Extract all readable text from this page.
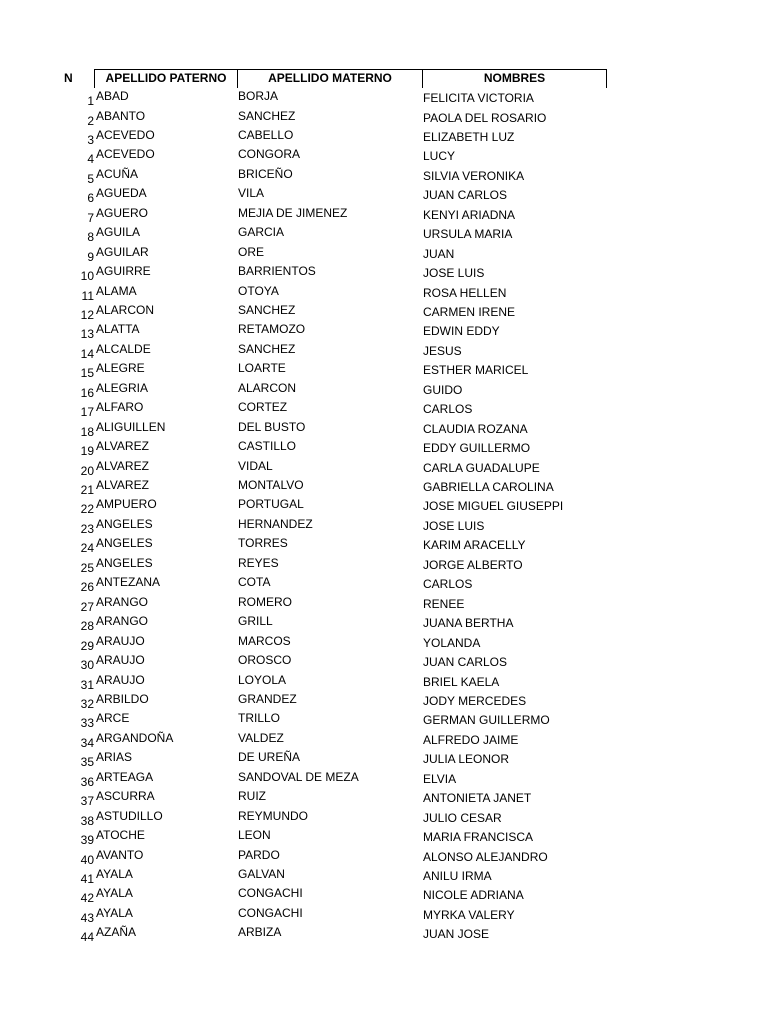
N	APELLIDO PATERNO	APELLIDO MATERNO	NOMBRES
1 ABAD	BORJA	FELICITA VICTORIA
2 ABANTO	SANCHEZ	PAOLA DEL ROSARIO
3 ACEVEDO	CABELLO	ELIZABETH LUZ
4 ACEVEDO	CONGORA	LUCY
5 ACUÑA	BRICEÑO	SILVIA VERONIKA
6 AGUEDA	VILA	JUAN CARLOS
7 AGUERO	MEJIA DE JIMENEZ	KENYI ARIADNA
8 AGUILA	GARCIA	URSULA MARIA
9 AGUILAR	ORE	JUAN
10 AGUIRRE	BARRIENTOS	JOSE LUIS
11 ALAMA	OTOYA	ROSA HELLEN
12 ALARCON	SANCHEZ	CARMEN IRENE
13 ALATTA	RETAMOZO	EDWIN EDDY
14 ALCALDE	SANCHEZ	JESUS
15 ALEGRE	LOARTE	ESTHER MARICEL
16 ALEGRIA	ALARCON	GUIDO
17 ALFARO	CORTEZ	CARLOS
18 ALIGUILLEN	DEL BUSTO	CLAUDIA ROZANA
19 ALVAREZ	CASTILLO	EDDY GUILLERMO
20 ALVAREZ	VIDAL	CARLA GUADALUPE
21 ALVAREZ	MONTALVO	GABRIELLA CAROLINA
22 AMPUERO	PORTUGAL	JOSE MIGUEL GIUSEPPI
23 ANGELES	HERNANDEZ	JOSE LUIS
24 ANGELES	TORRES	KARIM ARACELLY
25 ANGELES	REYES	JORGE ALBERTO
26 ANTEZANA	COTA	CARLOS
27 ARANGO	ROMERO	RENEE
28 ARANGO	GRILL	JUANA BERTHA
29 ARAUJO	MARCOS	YOLANDA
30 ARAUJO	OROSCO	JUAN CARLOS
31 ARAUJO	LOYOLA	BRIEL KAELA
32 ARBILDO	GRANDEZ	JODY MERCEDES
33 ARCE	TRILLO	GERMAN GUILLERMO
34 ARGANDOÑA	VALDEZ	ALFREDO JAIME
35 ARIAS	DE UREÑA	JULIA LEONOR
36 ARTEAGA	SANDOVAL DE MEZA	ELVIA
37 ASCURRA	RUIZ	ANTONIETA JANET
38 ASTUDILLO	REYMUNDO	JULIO CESAR
39 ATOCHE	LEON	MARIA FRANCISCA
40 AVANTO	PARDO	ALONSO ALEJANDRO
41 AYALA	GALVAN	ANILU IRMA
42 AYALA	CONGACHI	NICOLE ADRIANA
43 AYALA	CONGACHI	MYRKA VALERY
44 AZAÑA	ARBIZA	JUAN JOSE
